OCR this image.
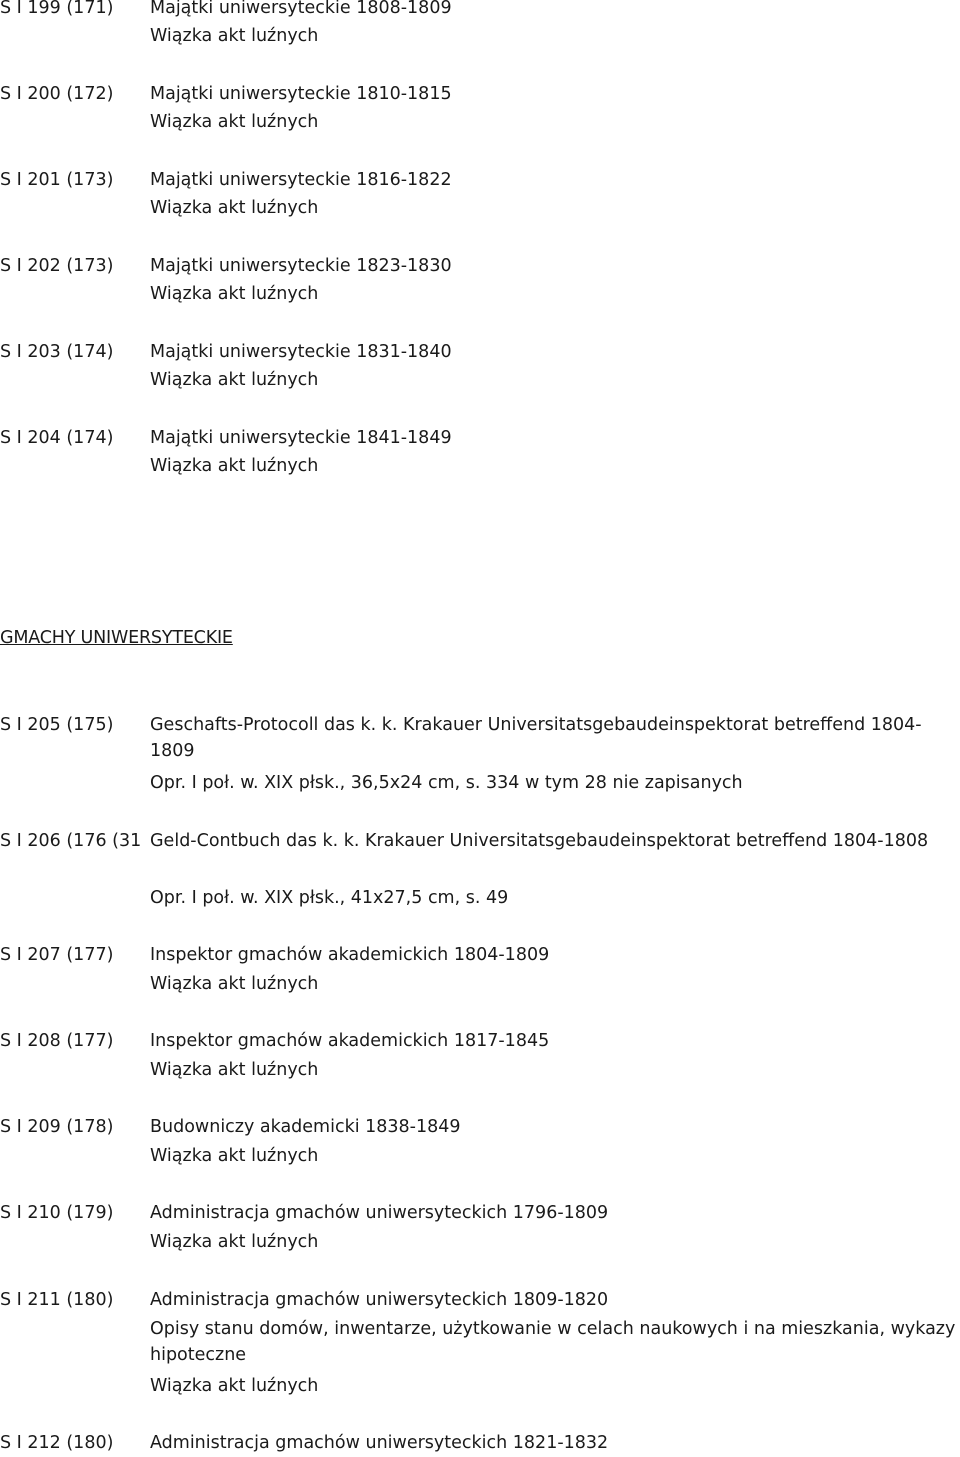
S I 199 (171) Majątki uniwersyteckie 1808-1809
Wiązka akt luźnych
S I 200 (172) Majątki uniwersyteckie 1810-1815
Wiązka akt luźnych
S I 201 (173) Majątki uniwersyteckie 1816-1822
Wiązka akt luźnych
S I 202 (173) Majątki uniwersyteckie 1823-1830
Wiązka akt luźnych
S I 203 (174) Majątki uniwersyteckie 1831-1840
Wiązka akt luźnych
S I 204 (174) Majątki uniwersyteckie 1841-1849
Wiązka akt luźnych
GMACHY UNIWERSYTECKIE
S I 205 (175) Geschafts-Protocoll das k. k. Krakauer Universitatsgebaudeinspektorat betreffend 1804-
1809
Opr. I poł. w. XIX płsk., 36,5x24 cm, s. 334 w tym 28 nie zapisanych
S I 206 (176 (31 Geld-Contbuch das k. k. Krakauer Universitatsgebaudeinspektorat betreffend 1804-1808
Opr. I poł. w. XIX płsk., 41x27,5 cm, s. 49
S I 207 (177) Inspektor gmachów akademickich 1804-1809
Wiązka akt luźnych
S I 208 (177) Inspektor gmachów akademickich 1817-1845
Wiązka akt luźnych
S I 209 (178) Budowniczy akademicki 1838-1849
Wiązka akt luźnych
S I 210 (179) Administracja gmachów uniwersyteckich 1796-1809
Wiązka akt luźnych
S I 211 (180) Administracja gmachów uniwersyteckich 1809-1820
Opisy stanu domów, inwentarze, użytkowanie w celach naukowych i na mieszkania, wykazy
hipoteczne
Wiązka akt luźnych
S I 212 (180) Administracja gmachów uniwersyteckich 1821-1832
